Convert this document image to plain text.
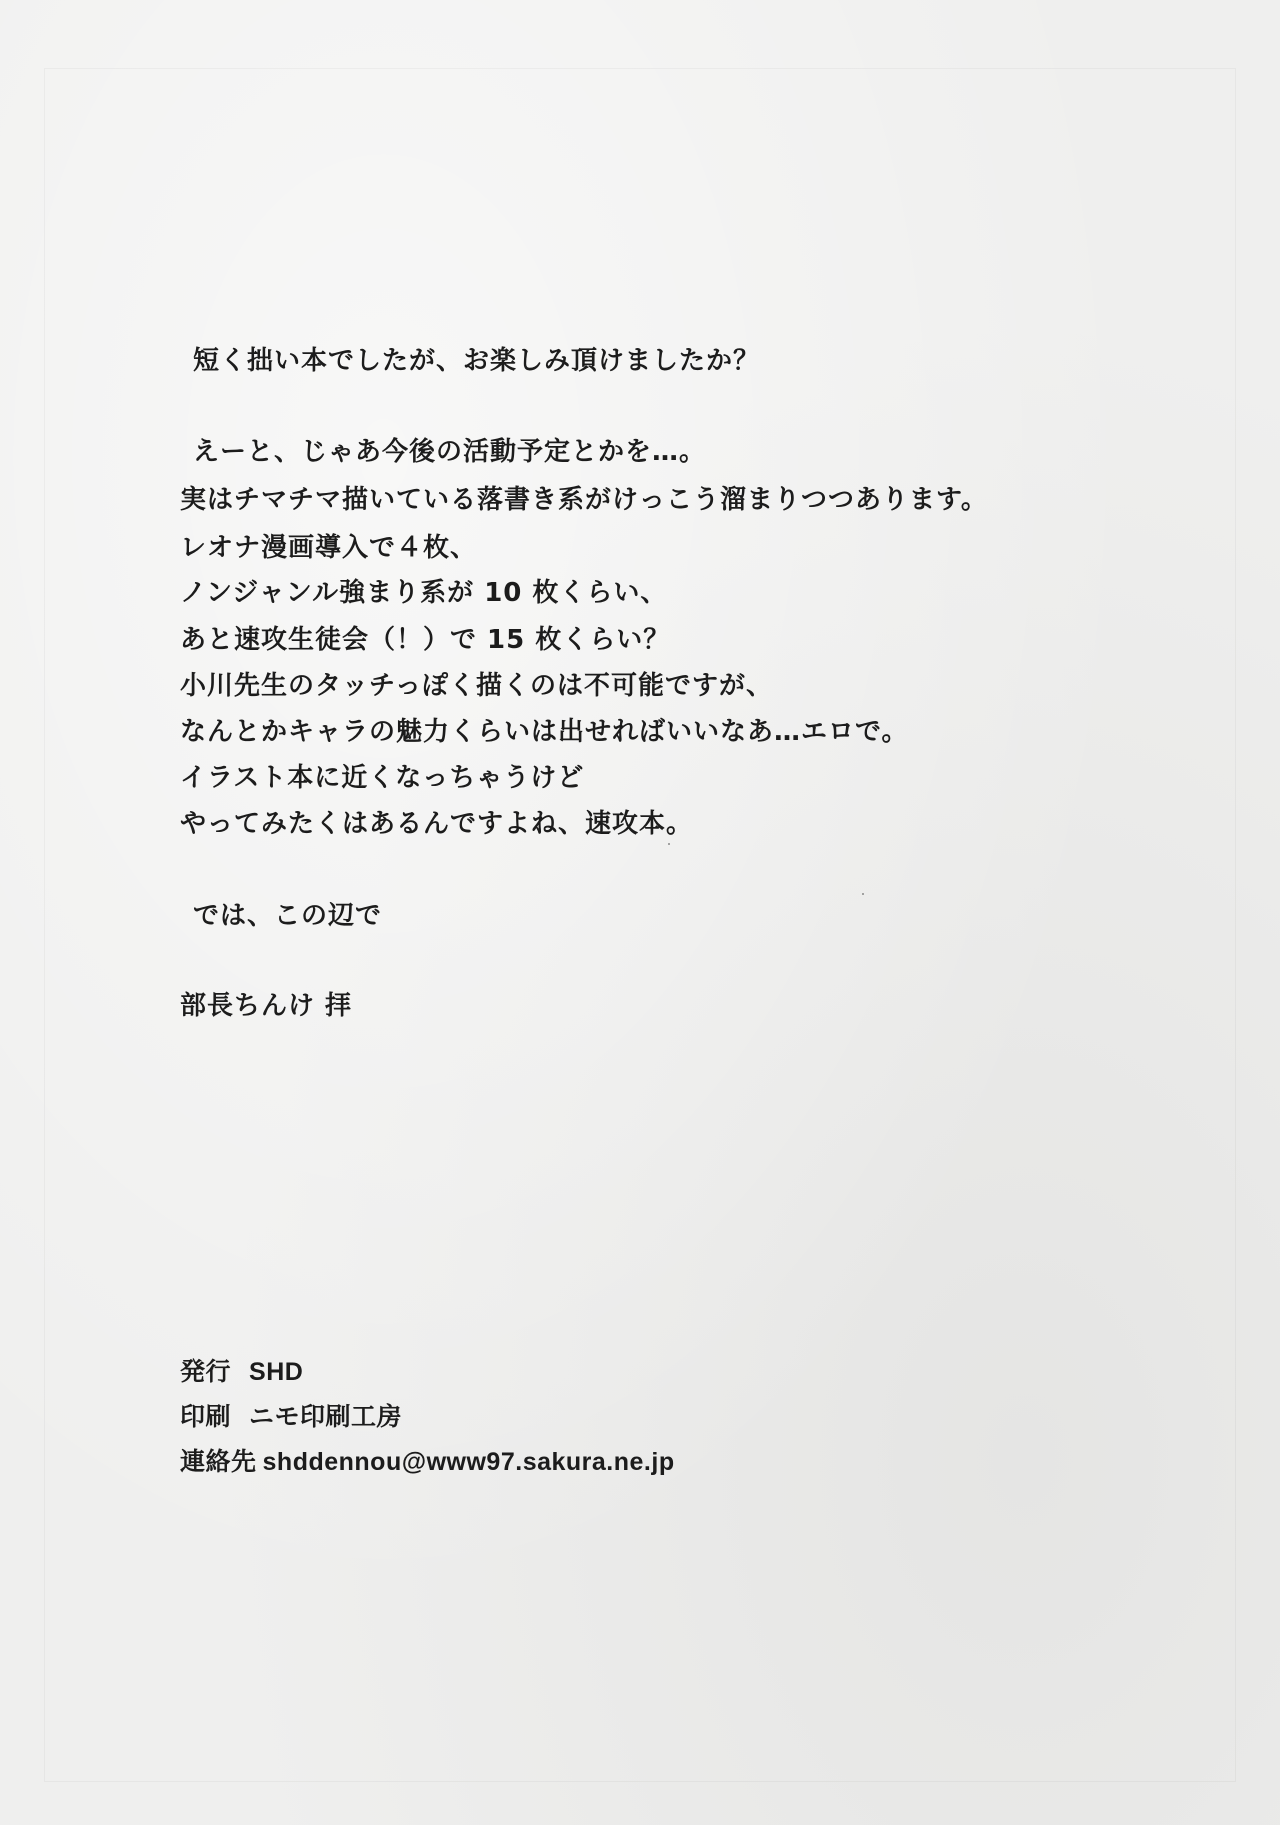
短く拙い本でしたが、お楽しみ頂けましたか？
えーと、じゃあ今後の活動予定とかを…。
実はチマチマ描いている落書き系がけっこう溜まりつつあります。
レオナ漫画導入で４枚、
ノンジャンル強まり系が 10 枚くらい、
あと速攻生徒会（！）で 15 枚くらい？
小川先生のタッチっぽく描くのは不可能ですが、
なんとかキャラの魅力くらいは出せればいいなあ…エロで。
イラスト本に近くなっちゃうけど
やってみたくはあるんですよね、速攻本。
では、この辺で
部長ちんけ 拝
発行 SHD
印刷 ニモ印刷工房
連絡先 shddennou@www97.sakura.ne.jp
